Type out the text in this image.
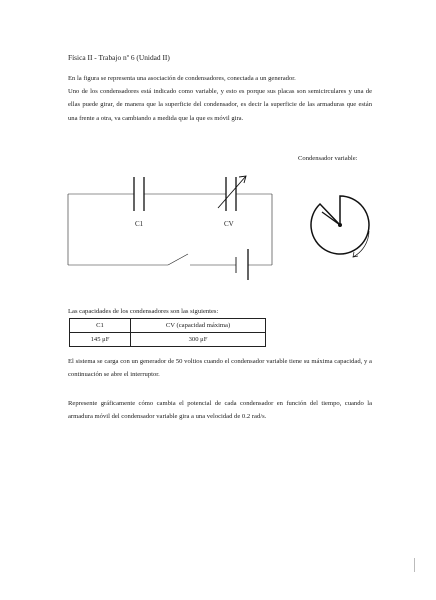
Física II - Trabajo nº 6 (Unidad II)

En la figura se representa una asociación de condensadores, conectada a un generador.

Uno de los condensadores está indicado como variable, y esto es porque sus placas son semicirculares y una de ellas puede girar, de manera que la superficie del condensador, es decir la superficie de las armaduras que están una frente a otra, va cambiando a medida que la que es móvil gira.

Condensador variable:
C1	CV
Las capacidades de los condensadores son las siguientes:
C1	CV (capacidad máxima)
145 μF	300 μF

El sistema se carga con un generador de 50 voltios cuando el condensador variable tiene su máxima capacidad, y a continuación se abre el interruptor.

Represente gráficamente cómo cambia el potencial de cada condensador en función del tiempo, cuando la armadura móvil del condensador variable gira a una velocidad de 0.2 rad/s.
